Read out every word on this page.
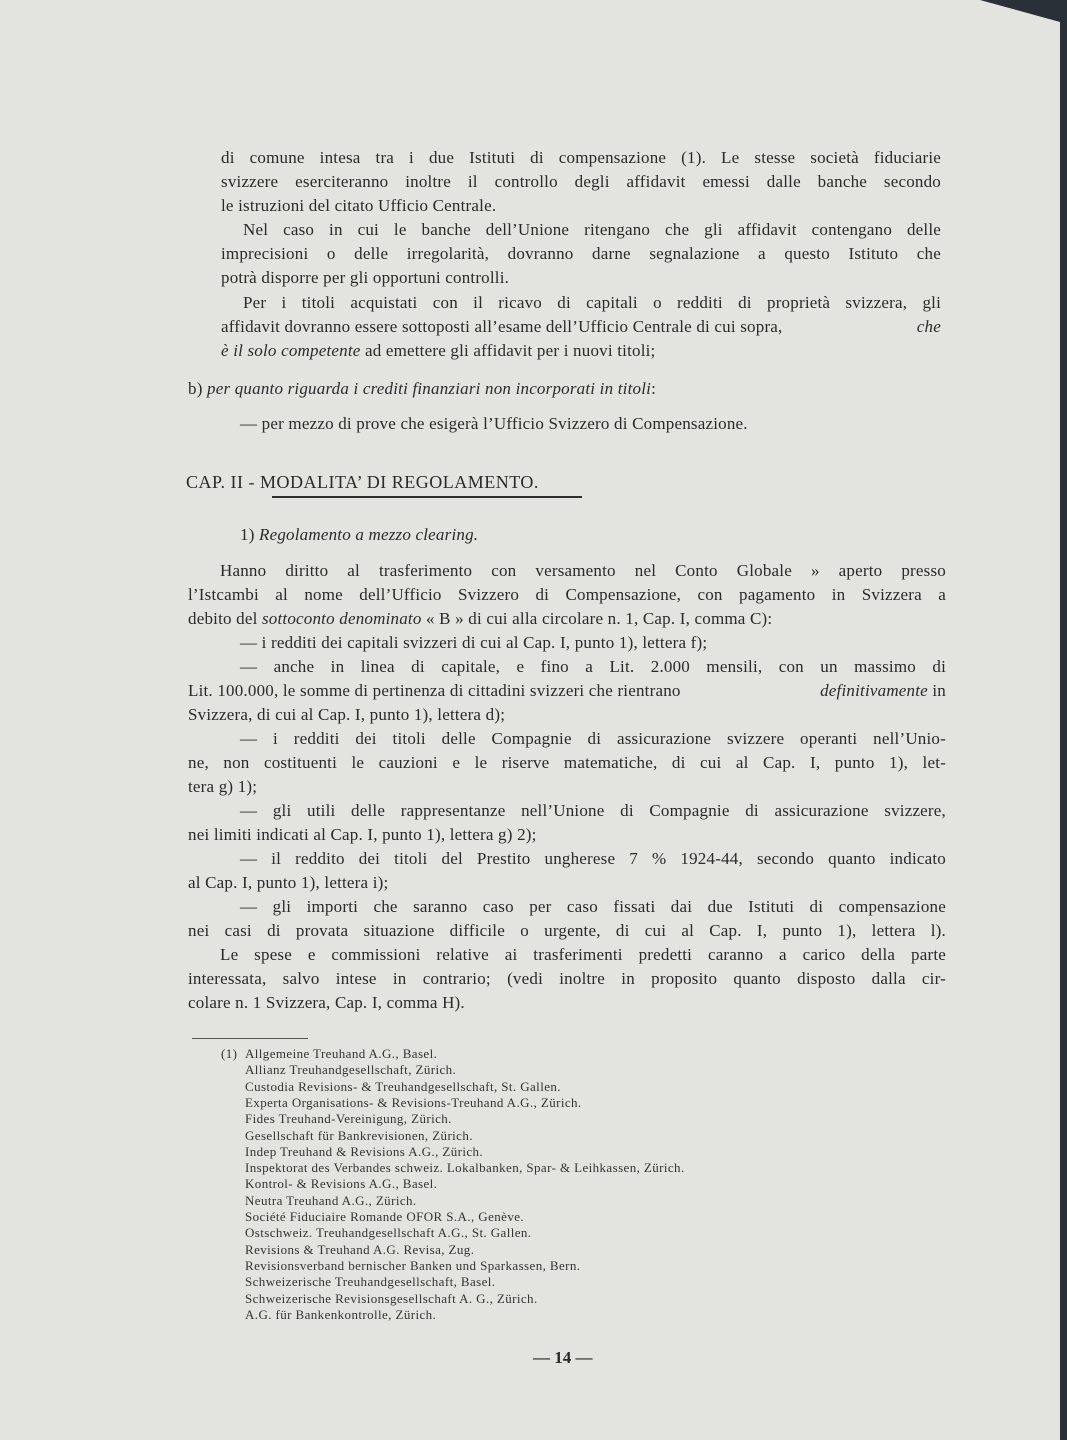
di comune intesa tra i due Istituti di compensazione (1). Le stesse società fiduciarie
svizzere eserciteranno inoltre il controllo degli affidavit emessi dalle banche secondo
le istruzioni del citato Ufficio Centrale.
Nel caso in cui le banche dell’Unione ritengano che gli affidavit contengano delle
imprecisioni o delle irregolarità, dovranno darne segnalazione a questo Istituto che
potrà disporre per gli opportuni controlli.
Per i titoli acquistati con il ricavo di capitali o redditi di proprietà svizzera, gli
affidavit dovranno essere sottoposti all’esame dell’Ufficio Centrale di cui sopra,	che
è il solo competente ad emettere gli affidavit per i nuovi titoli;
b) per quanto riguarda i crediti finanziari non incorporati in titoli:
— per mezzo di prove che esigerà l’Ufficio Svizzero di Compensazione.
CAP. II - MODALITA’ DI REGOLAMENTO.
1) Regolamento a mezzo clearing.
Hanno diritto al trasferimento con versamento nel Conto Globale » aperto presso
l’Istcambi al nome dell’Ufficio Svizzero di Compensazione, con pagamento in Svizzera a
debito del sottoconto denominato « B » di cui alla circolare n. 1, Cap. I, comma C):
— i redditi dei capitali svizzeri di cui al Cap. I, punto 1), lettera f);
— anche in linea di capitale, e fino a Lit. 2.000 mensili, con un massimo di
Lit. 100.000, le somme di pertinenza di cittadini svizzeri che rientrano	definitivamente in
Svizzera, di cui al Cap. I, punto 1), lettera d);
— i redditi dei titoli delle Compagnie di assicurazione svizzere operanti nell’Unio-
ne, non costituenti le cauzioni e le riserve matematiche, di cui al Cap. I, punto 1), let-
tera g) 1);
— gli utili delle rappresentanze nell’Unione di Compagnie di assicurazione svizzere,
nei limiti indicati al Cap. I, punto 1), lettera g) 2);
— il reddito dei titoli del Prestito ungherese 7 % 1924-44, secondo quanto indicato
al Cap. I, punto 1), lettera i);
— gli importi che saranno caso per caso fissati dai due Istituti di compensazione
nei casi di provata situazione difficile o urgente, di cui al Cap. I, punto 1), lettera l).
Le spese e commissioni relative ai trasferimenti predetti caranno a carico della parte
interessata, salvo intese in contrario; (vedi inoltre in proposito quanto disposto dalla cir-
colare n. 1 Svizzera, Cap. I, comma H).
(1) Allgemeine Treuhand A.G., Basel.
Allianz Treuhandgesellschaft, Zürich.
Custodia Revisions- & Treuhandgesellschaft, St. Gallen.
Experta Organisations- & Revisions-Treuhand A.G., Zürich.
Fides Treuhand-Vereinigung, Zürich.
Gesellschaft für Bankrevisionen, Zürich.
Indep Treuhand & Revisions A.G., Zürich.
Inspektorat des Verbandes schweiz. Lokalbanken, Spar- & Leihkassen, Zürich.
Kontrol- & Revisions A.G., Basel.
Neutra Treuhand A.G., Zürich.
Société Fiduciaire Romande OFOR S.A., Genève.
Ostschweiz. Treuhandgesellschaft A.G., St. Gallen.
Revisions & Treuhand A.G. Revisa, Zug.
Revisionsverband bernischer Banken und Sparkassen, Bern.
Schweizerische Treuhandgesellschaft, Basel.
Schweizerische Revisionsgesellschaft A. G., Zürich.
A.G. für Bankenkontrolle, Zürich.
— 14 —
